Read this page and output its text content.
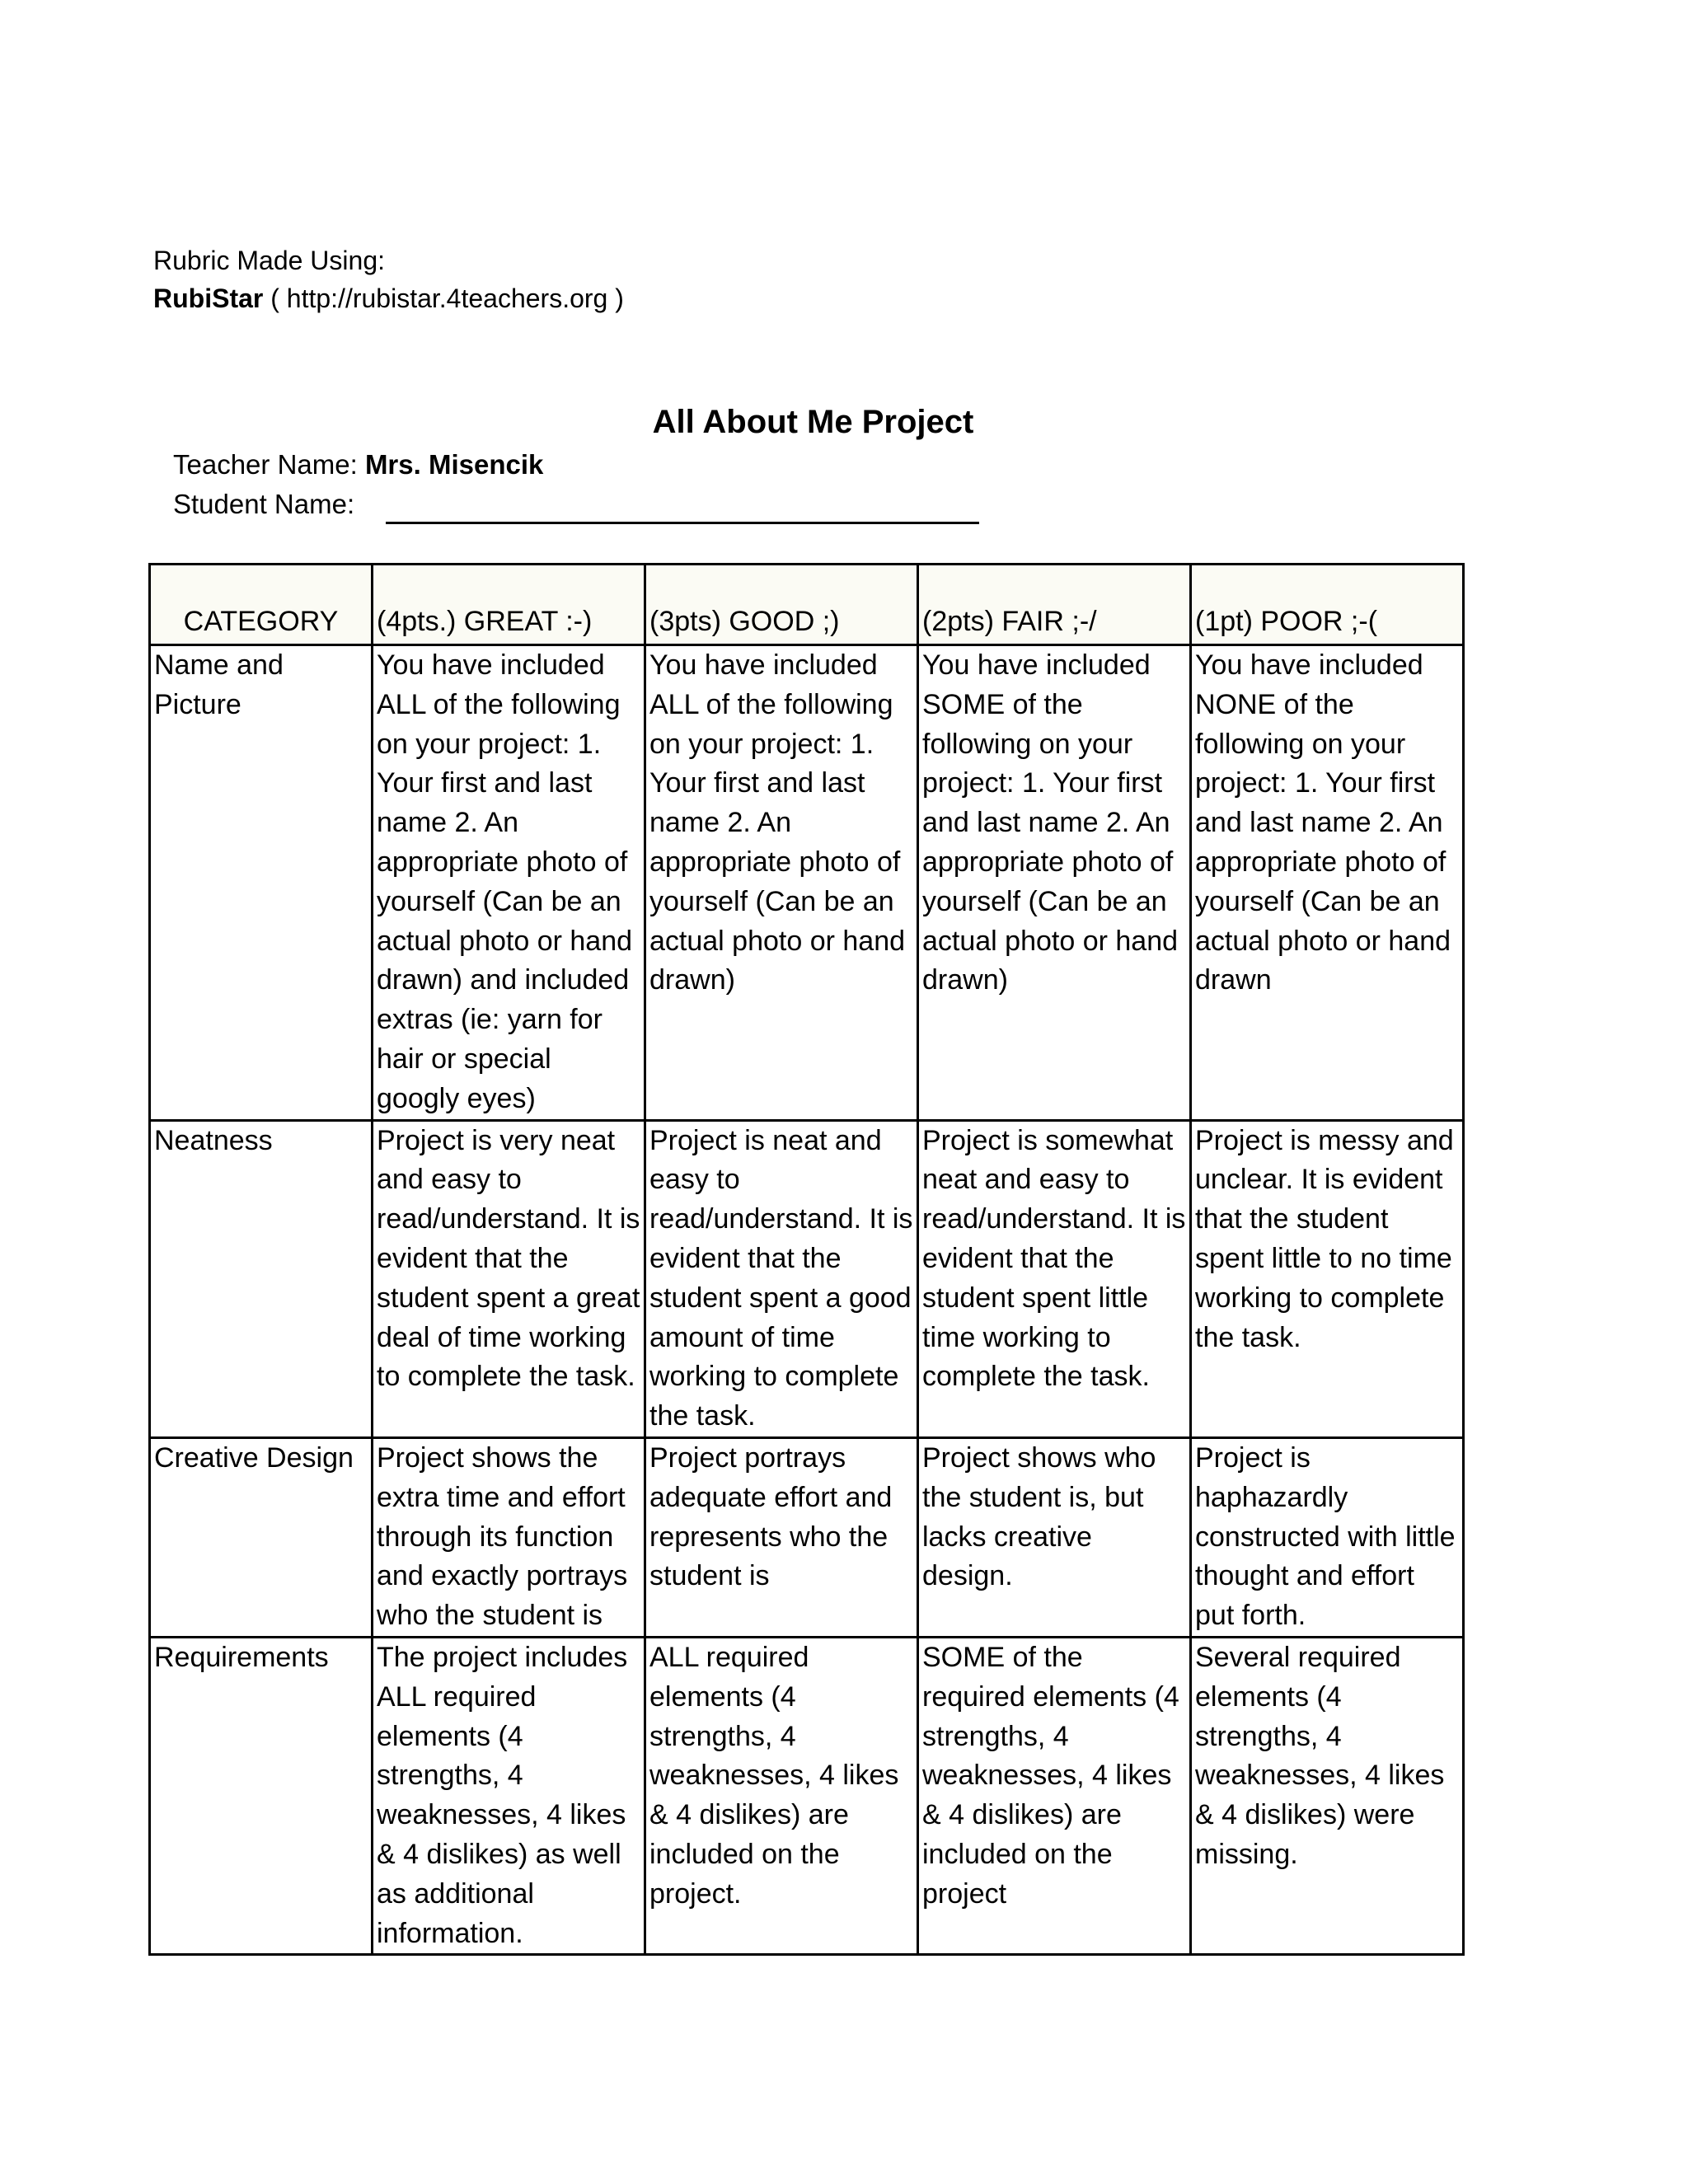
Rubric Made Using:
RubiStar ( http://rubistar.4teachers.org )
All About Me Project
Teacher Name: Mrs. Misencik
Student Name:
CATEGORY	(4pts.) GREAT :-)	(3pts) GOOD ;)	(2pts) FAIR ;-/	(1pt) POOR ;-(
Name and Picture	You have included ALL of the following on your project: 1. Your first and last name 2. An appropriate photo of yourself (Can be an actual photo or hand drawn) and included extras (ie: yarn for hair or special googly eyes)	You have included ALL of the following on your project: 1. Your first and last name 2. An appropriate photo of yourself (Can be an actual photo or hand drawn)	You have included SOME of the following on your project: 1. Your first and last name 2. An appropriate photo of yourself (Can be an actual photo or hand drawn)	You have included NONE of the following on your project: 1. Your first and last name 2. An appropriate photo of yourself (Can be an actual photo or hand drawn
Neatness	Project is very neat and easy to read/understand. It is evident that the student spent a great deal of time working to complete the task.	Project is neat and easy to read/understand. It is evident that the student spent a good amount of time working to complete the task.	Project is somewhat neat and easy to read/understand. It is evident that the student spent little time working to complete the task.	Project is messy and unclear. It is evident that the student spent little to no time working to complete the task.
Creative Design	Project shows the extra time and effort through its function and exactly portrays who the student is	Project portrays adequate effort and represents who the student is	Project shows who the student is, but lacks creative design.	Project is haphazardly constructed with little thought and effort put forth.
Requirements	The project includes ALL required elements (4 strengths, 4 weaknesses, 4 likes & 4 dislikes) as well as additional information.	ALL required elements (4 strengths, 4 weaknesses, 4 likes & 4 dislikes) are included on the project.	SOME of the required elements (4 strengths, 4 weaknesses, 4 likes & 4 dislikes) are included on the project	Several required elements (4 strengths, 4 weaknesses, 4 likes & 4 dislikes) were missing.
